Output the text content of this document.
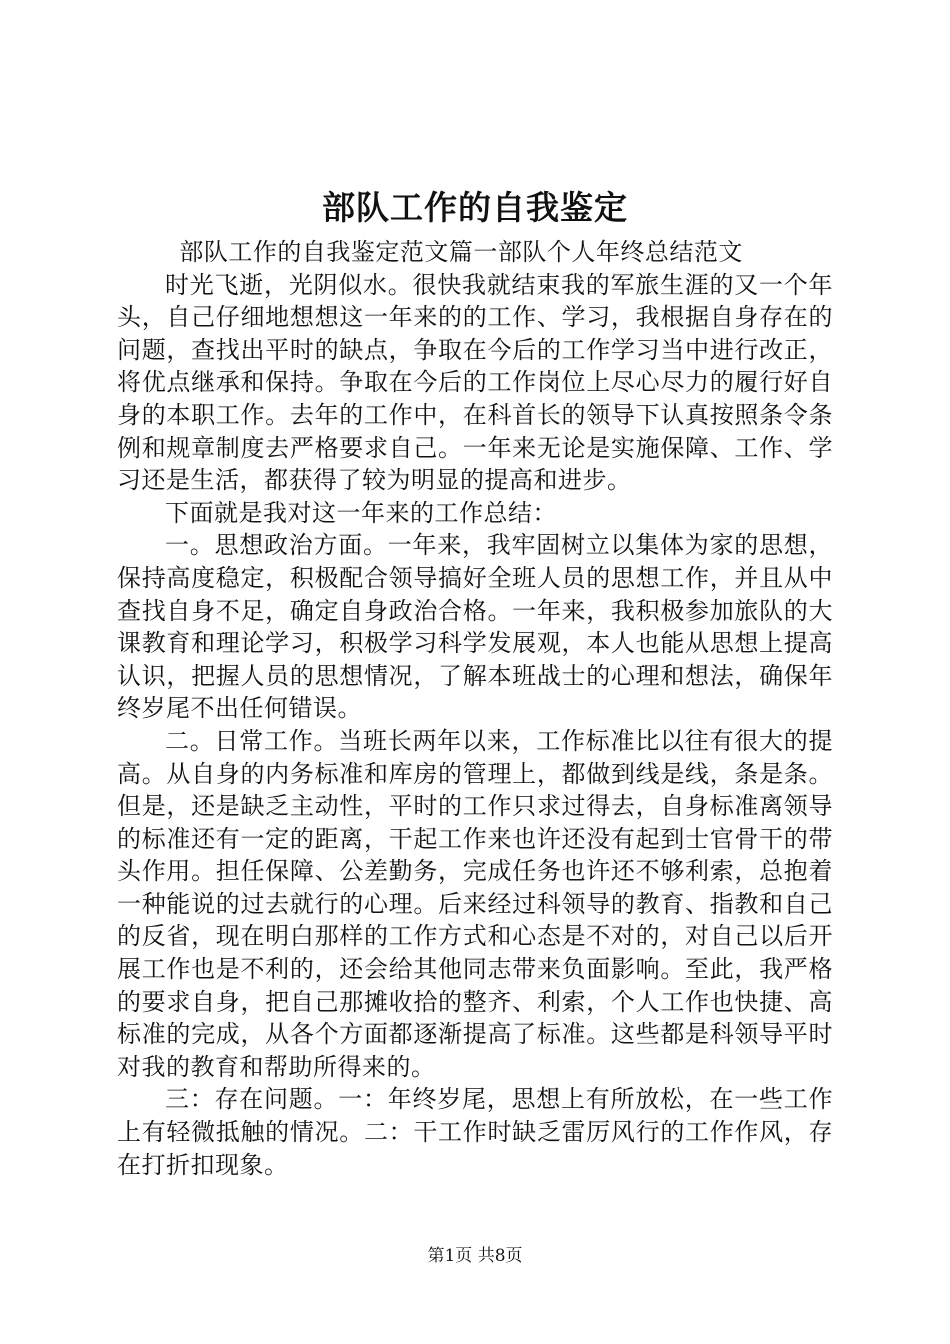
部队工作的自我鉴定

部队工作的自我鉴定范文篇一部队个人年终总结范文

时光飞逝，光阴似水。很快我就结束我的军旅生涯的又一个年头，自己仔细地想想这一年来的的工作、学习，我根据自身存在的问题，查找出平时的缺点，争取在今后的工作学习当中进行改正，将优点继承和保持。争取在今后的工作岗位上尽心尽力的履行好自身的本职工作。去年的工作中，在科首长的领导下认真按照条令条例和规章制度去严格要求自己。一年来无论是实施保障、工作、学习还是生活，都获得了较为明显的提高和进步。

下面就是我对这一年来的工作总结：

一。思想政治方面。一年来，我牢固树立以集体为家的思想，保持高度稳定，积极配合领导搞好全班人员的思想工作，并且从中查找自身不足，确定自身政治合格。一年来，我积极参加旅队的大课教育和理论学习，积极学习科学发展观，本人也能从思想上提高认识，把握人员的思想情况，了解本班战士的心理和想法，确保年终岁尾不出任何错误。

二。日常工作。当班长两年以来，工作标准比以往有很大的提高。从自身的内务标准和库房的管理上，都做到线是线，条是条。但是，还是缺乏主动性，平时的工作只求过得去，自身标准离领导的标准还有一定的距离，干起工作来也许还没有起到士官骨干的带头作用。担任保障、公差勤务，完成任务也许还不够利索，总抱着一种能说的过去就行的心理。后来经过科领导的教育、指教和自己的反省，现在明白那样的工作方式和心态是不对的，对自己以后开展工作也是不利的，还会给其他同志带来负面影响。至此，我严格的要求自身，把自己那摊收拾的整齐、利索，个人工作也快捷、高标准的完成，从各个方面都逐渐提高了标准。这些都是科领导平时对我的教育和帮助所得来的。

三：存在问题。一：年终岁尾，思想上有所放松，在一些工作上有轻微抵触的情况。二：干工作时缺乏雷厉风行的工作作风，存在打折扣现象。

第1页 共8页
